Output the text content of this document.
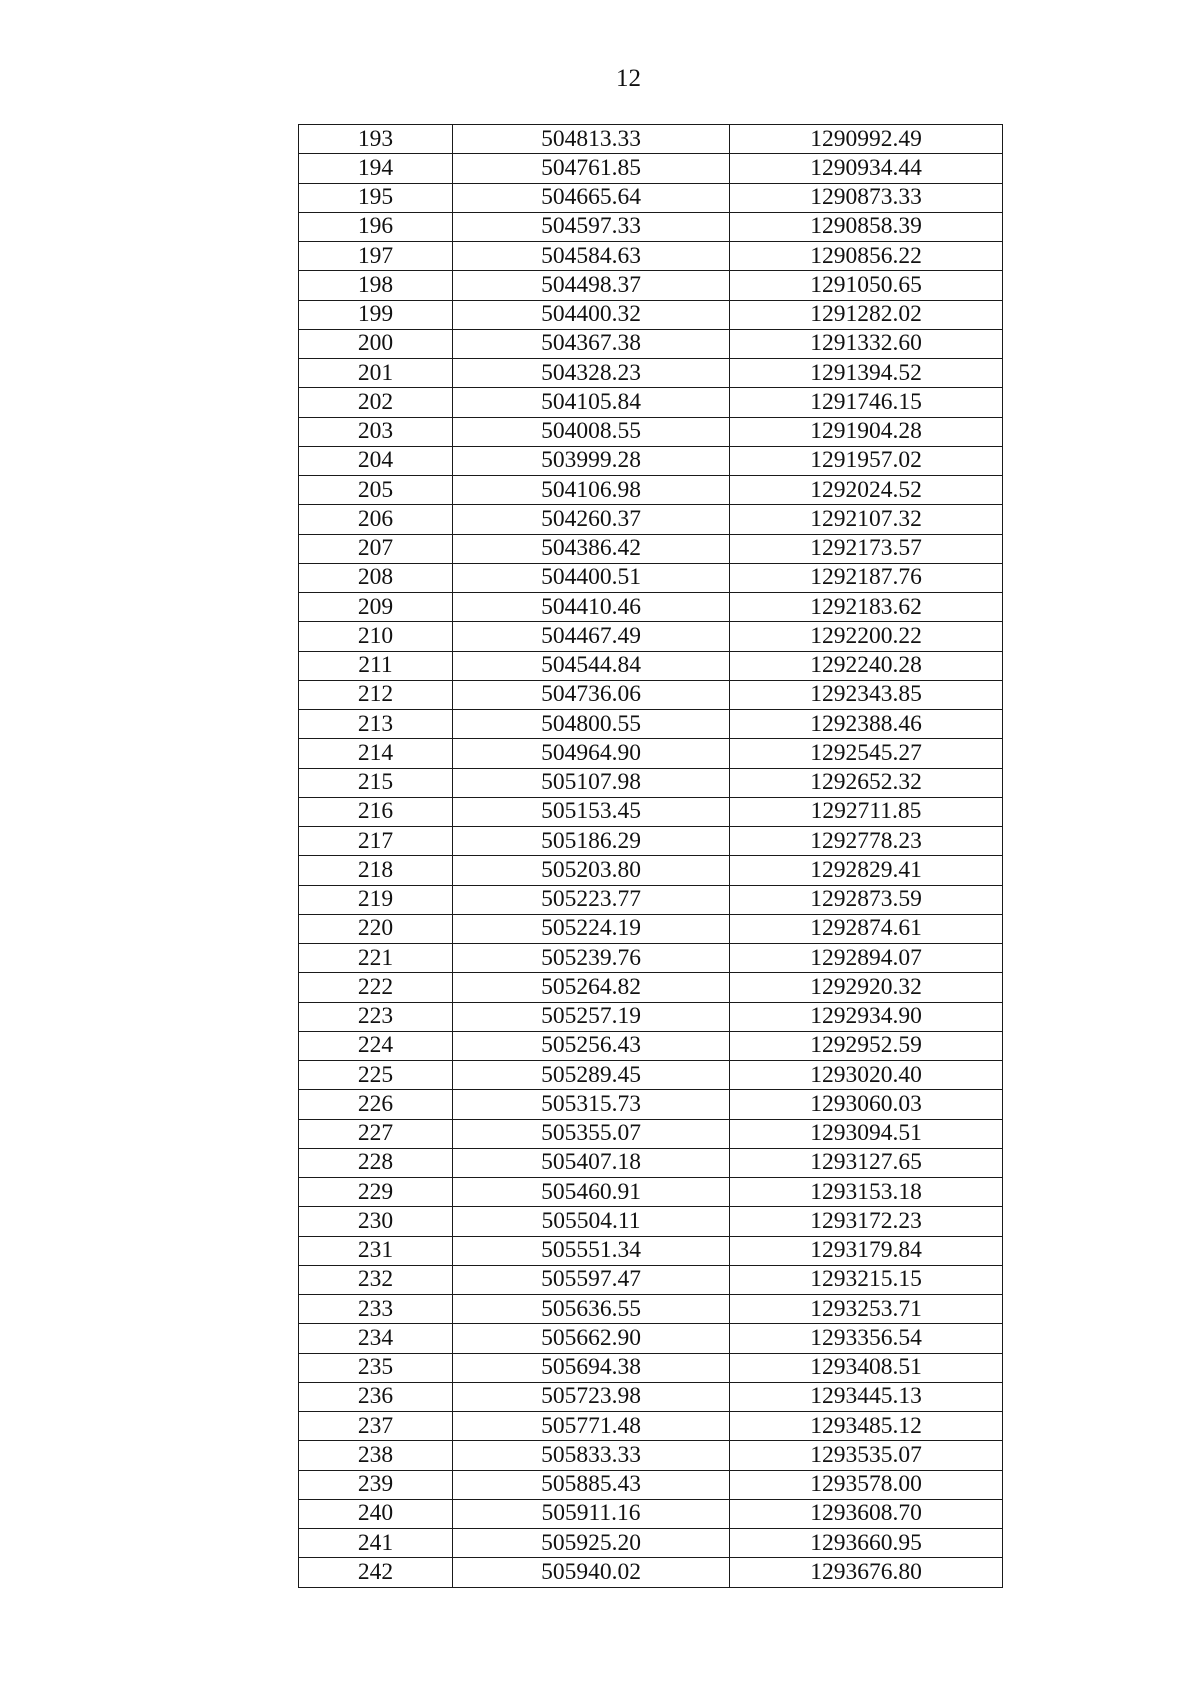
12
193	504813.33	1290992.49
194	504761.85	1290934.44
195	504665.64	1290873.33
196	504597.33	1290858.39
197	504584.63	1290856.22
198	504498.37	1291050.65
199	504400.32	1291282.02
200	504367.38	1291332.60
201	504328.23	1291394.52
202	504105.84	1291746.15
203	504008.55	1291904.28
204	503999.28	1291957.02
205	504106.98	1292024.52
206	504260.37	1292107.32
207	504386.42	1292173.57
208	504400.51	1292187.76
209	504410.46	1292183.62
210	504467.49	1292200.22
211	504544.84	1292240.28
212	504736.06	1292343.85
213	504800.55	1292388.46
214	504964.90	1292545.27
215	505107.98	1292652.32
216	505153.45	1292711.85
217	505186.29	1292778.23
218	505203.80	1292829.41
219	505223.77	1292873.59
220	505224.19	1292874.61
221	505239.76	1292894.07
222	505264.82	1292920.32
223	505257.19	1292934.90
224	505256.43	1292952.59
225	505289.45	1293020.40
226	505315.73	1293060.03
227	505355.07	1293094.51
228	505407.18	1293127.65
229	505460.91	1293153.18
230	505504.11	1293172.23
231	505551.34	1293179.84
232	505597.47	1293215.15
233	505636.55	1293253.71
234	505662.90	1293356.54
235	505694.38	1293408.51
236	505723.98	1293445.13
237	505771.48	1293485.12
238	505833.33	1293535.07
239	505885.43	1293578.00
240	505911.16	1293608.70
241	505925.20	1293660.95
242	505940.02	1293676.80
